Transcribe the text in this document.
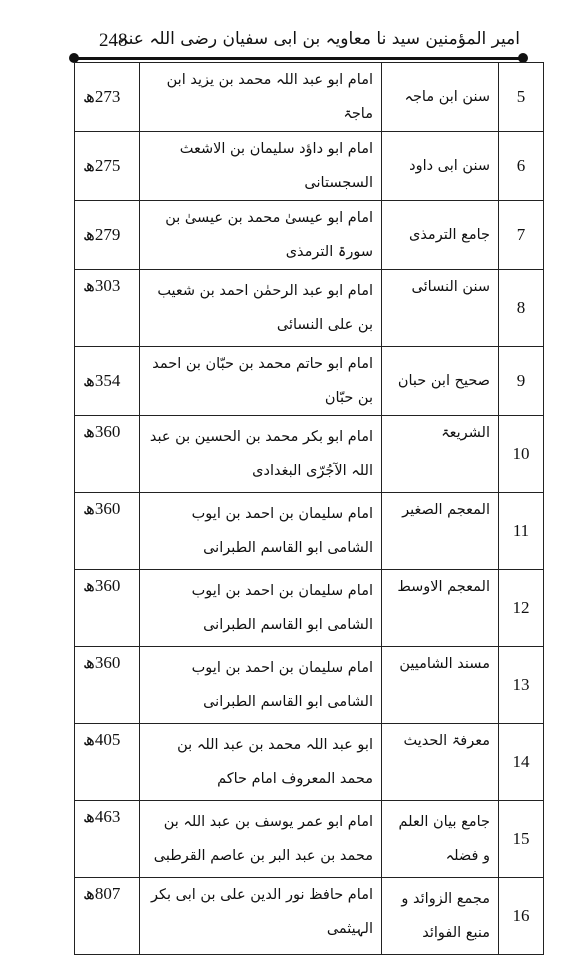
248
امیر المؤمنین سید نا معاویہ بن ابی سفیان رضی اللہ عنہ
273ھ	امام ابو عبد اللہ محمد بن یزید ابن ماجۃ	سنن ابن ماجہ	5
275ھ	امام ابو داؤد سلیمان بن الاشعث السجستانی	سنن ابی داود	6
279ھ	امام ابو عیسیٰ محمد بن عیسیٰ بن سورۃ الترمذی	جامع الترمذی	7
303ھ	امام ابو عبد الرحمٰن احمد بن شعیب بن علی النسائی	سنن النسائی	8
354ھ	امام ابو حاتم محمد بن حبّان بن احمد بن حبّان	صحیح ابن حبان	9
360ھ	امام ابو بکر محمد بن الحسین بن عبد اللہ الآجُرّی البغدادی	الشریعۃ	10
360ھ	امام سلیمان بن احمد بن ایوب الشامی ابو القاسم الطبرانی	المعجم الصغیر	11
360ھ	امام سلیمان بن احمد بن ایوب الشامی ابو القاسم الطبرانی	المعجم الاوسط	12
360ھ	امام سلیمان بن احمد بن ایوب الشامی ابو القاسم الطبرانی	مسند الشامیین	13
405ھ	ابو عبد اللہ محمد بن عبد اللہ بن محمد المعروف امام حاکم	معرفۃ الحدیث	14
463ھ	امام ابو عمر یوسف بن عبد اللہ بن محمد بن عبد البر بن عاصم القرطبی	جامع بیان العلم و فضلہ	15
807ھ	امام حافظ نور الدین علی بن ابی بکر الہیثمی	مجمع الزوائد و منبع الفوائد	16
